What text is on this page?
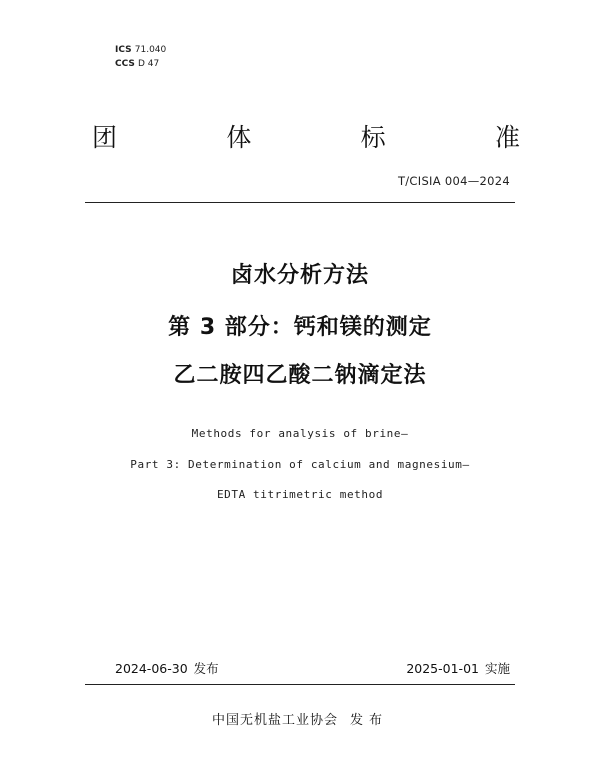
ICS 71.040
CCS D 47
团	体	标	准
T/CISIA 004—2024
卤水分析方法
第 3 部分：钙和镁的测定
乙二胺四乙酸二钠滴定法
Methods for analysis of brine—
Part 3: Determination of calcium and magnesium—
EDTA titrimetric method
2024-06-30 发布	2025-01-01 实施
中国无机盐工业协会 发布
